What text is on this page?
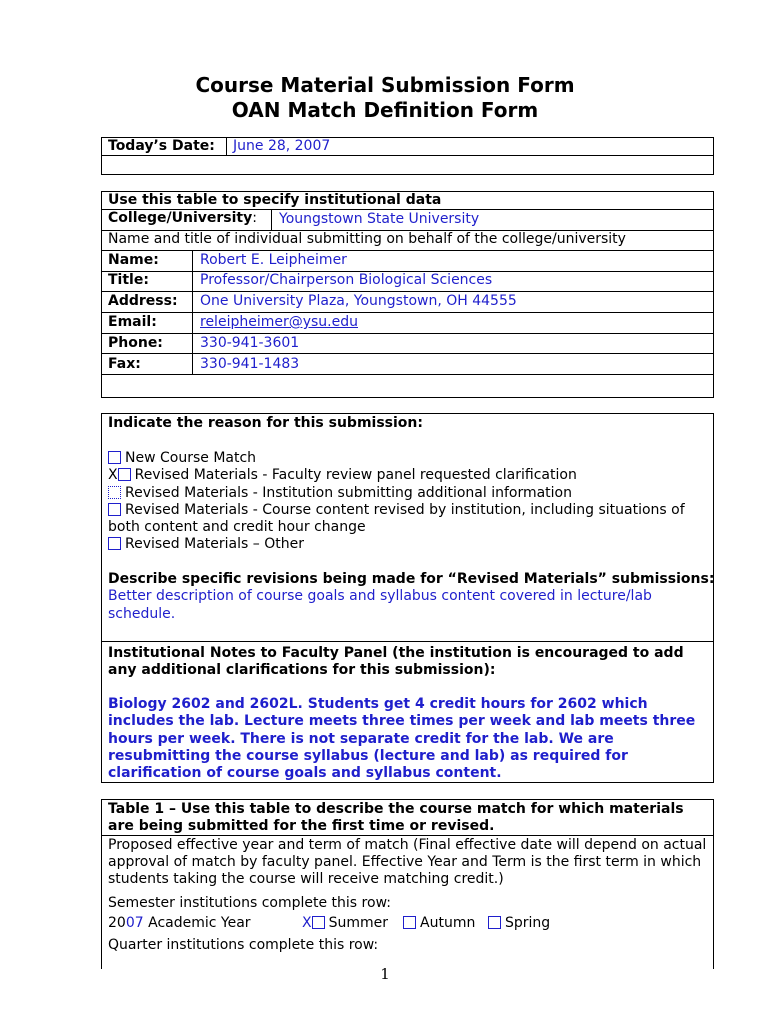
Course Material Submission Form
OAN Match Definition Form
Today’s Date: June 28, 2007
Use this table to specify institutional data
College/University: Youngstown State University
Name and title of individual submitting on behalf of the college/university
Name:	Robert E. Leipheimer
Title:	Professor/Chairperson Biological Sciences
Address: One University Plaza, Youngstown, OH 44555
Email:	releipheimer@ysu.edu
Phone:	330-941-3601
Fax:	330-941-1483
Indicate the reason for this submission:
New Course Match
X Revised Materials - Faculty review panel requested clarification
Revised Materials - Institution submitting additional information
Revised Materials - Course content revised by institution, including situations of
both content and credit hour change
Revised Materials – Other
Describe specific revisions being made for “Revised Materials” submissions:
Better description of course goals and syllabus content covered in lecture/lab
schedule.
Institutional Notes to Faculty Panel (the institution is encouraged to add
any additional clarifications for this submission):
Biology 2602 and 2602L. Students get 4 credit hours for 2602 which
includes the lab. Lecture meets three times per week and lab meets three
hours per week. There is not separate credit for the lab. We are
resubmitting the course syllabus (lecture and lab) as required for
clarification of course goals and syllabus content.
Table 1 – Use this table to describe the course match for which materials
are being submitted for the first time or revised.
Proposed effective year and term of match (Final effective date will depend on actual
approval of match by faculty panel. Effective Year and Term is the first term in which
students taking the course will receive matching credit.)
Semester institutions complete this row:
2007 Academic Year	X Summer	Autumn	Spring
Quarter institutions complete this row:
1
